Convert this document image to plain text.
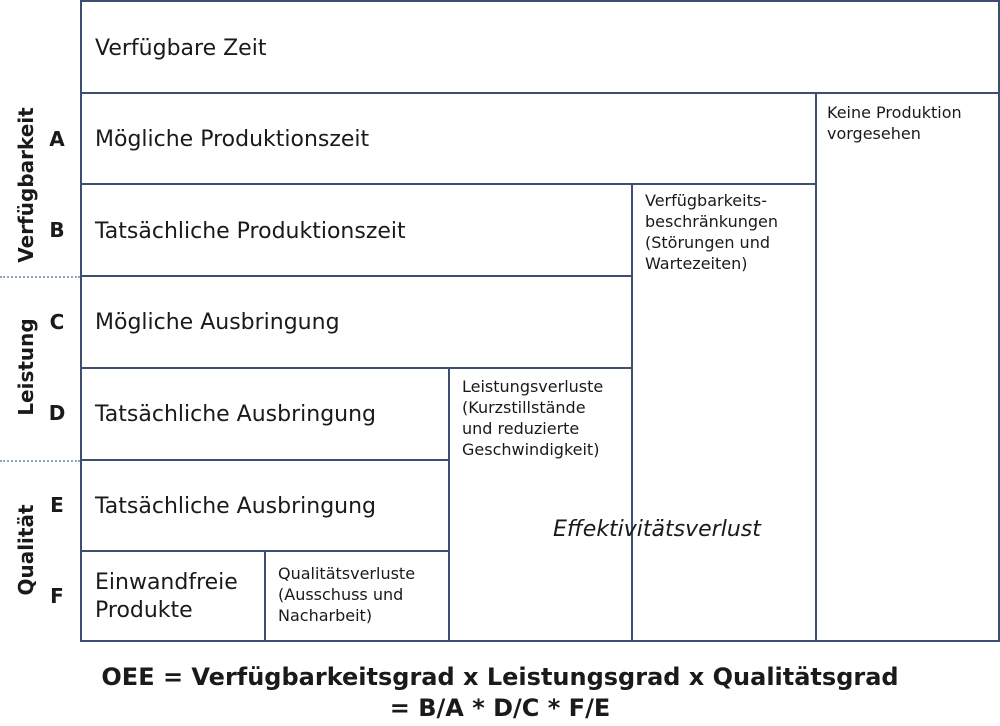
Verfügbarkeit
Leistung
Qualität
A
B
C
D
E
F
Keine Produktion
vorgesehen
Verfügbarkeits-
beschränkungen
(Störungen und
Wartezeiten)
Leistungsverluste
(Kurzstillstände
und reduzierte
Geschwindigkeit)
Effektivitätsverlust
Verfügbare Zeit
Mögliche Produktionszeit
Tatsächliche Produktionszeit
Mögliche Ausbringung
Tatsächliche Ausbringung
Tatsächliche Ausbringung
Einwandfreie
Produkte
Qualitätsverluste
(Ausschuss und
Nacharbeit)
OEE = Verfügbarkeitsgrad x Leistungsgrad x Qualitätsgrad
= B/A * D/C * F/E
